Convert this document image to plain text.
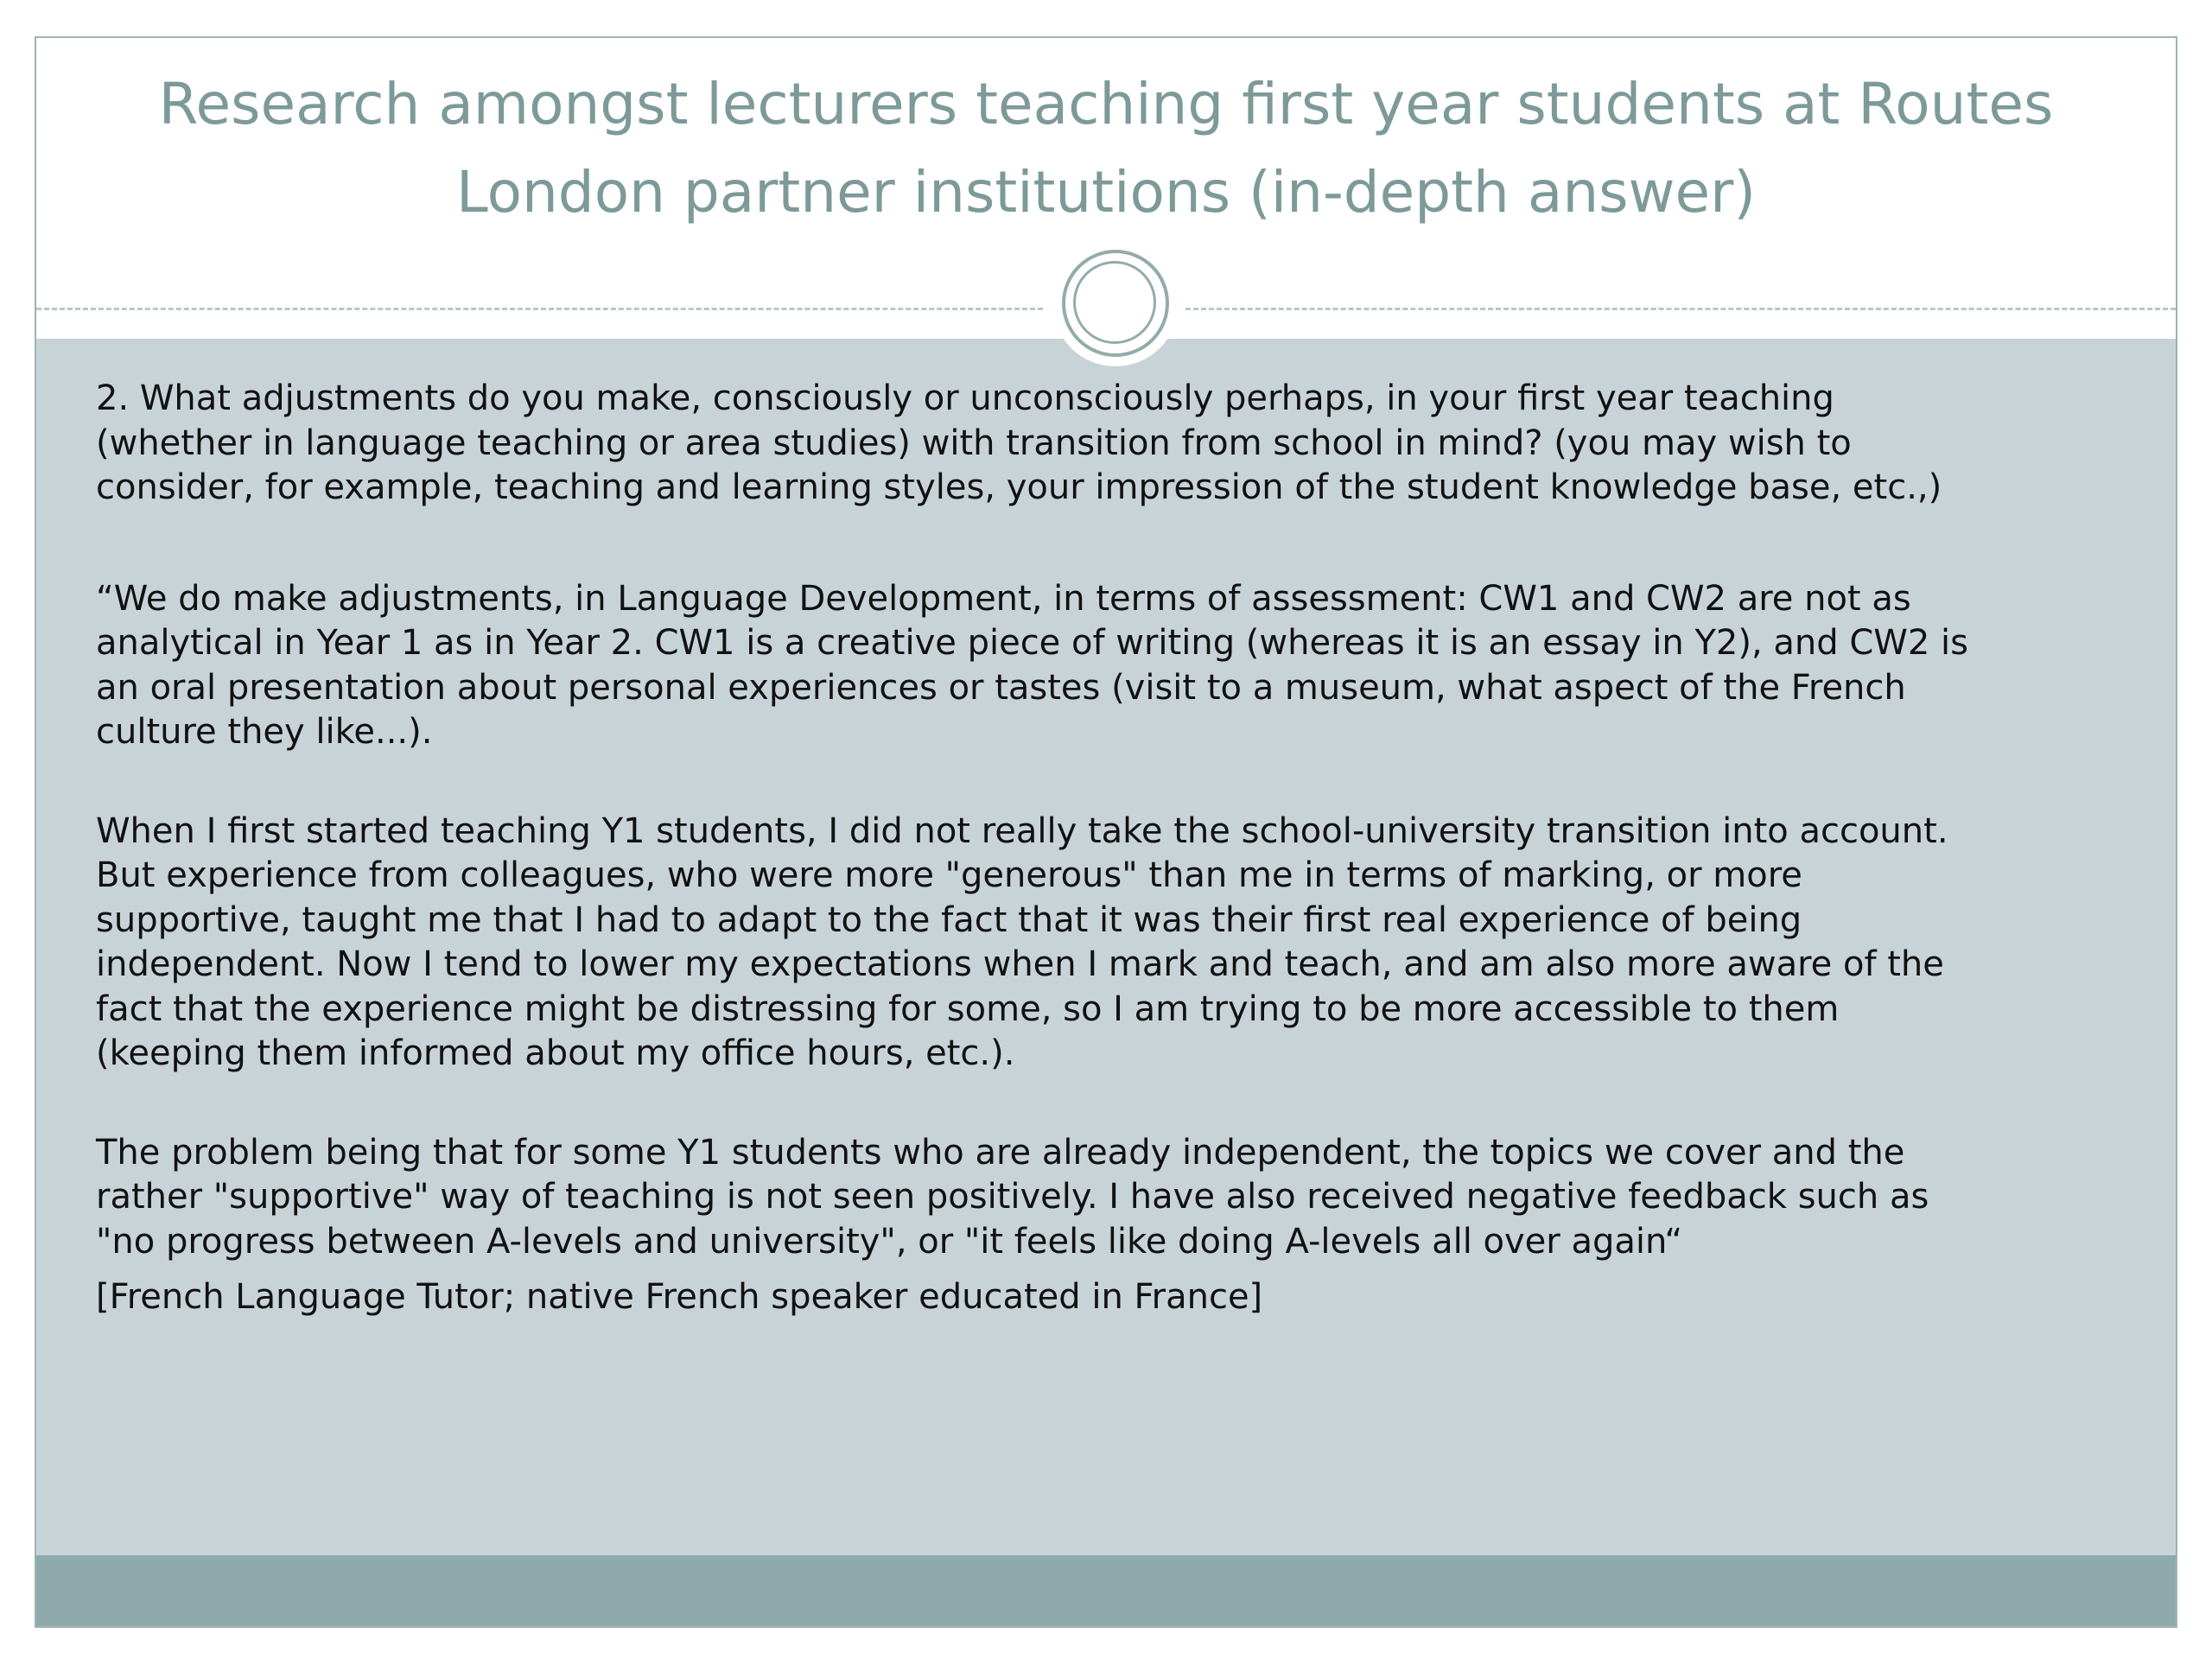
Research amongst lecturers teaching first year students at Routes London partner institutions (in-depth answer)

2. What adjustments do you make, consciously or unconsciously perhaps, in your first year teaching
(whether in language teaching or area studies) with transition from school in mind? (you may wish to
consider, for example, teaching and learning styles, your impression of the student knowledge base, etc.,)

“We do make adjustments, in Language Development, in terms of assessment: CW1 and CW2 are not as
analytical in Year 1 as in Year 2. CW1 is a creative piece of writing (whereas it is an essay in Y2), and CW2 is
an oral presentation about personal experiences or tastes (visit to a museum, what aspect of the French
culture they like...).

When I first started teaching Y1 students, I did not really take the school-university transition into account.
But experience from colleagues, who were more "generous" than me in terms of marking, or more
supportive, taught me that I had to adapt to the fact that it was their first real experience of being
independent. Now I tend to lower my expectations when I mark and teach, and am also more aware of the
fact that the experience might be distressing for some, so I am trying to be more accessible to them
(keeping them informed about my office hours, etc.).

The problem being that for some Y1 students who are already independent, the topics we cover and the
rather "supportive" way of teaching is not seen positively. I have also received negative feedback such as
"no progress between A-levels and university", or "it feels like doing A-levels all over again“

[French Language Tutor; native French speaker educated in France]
